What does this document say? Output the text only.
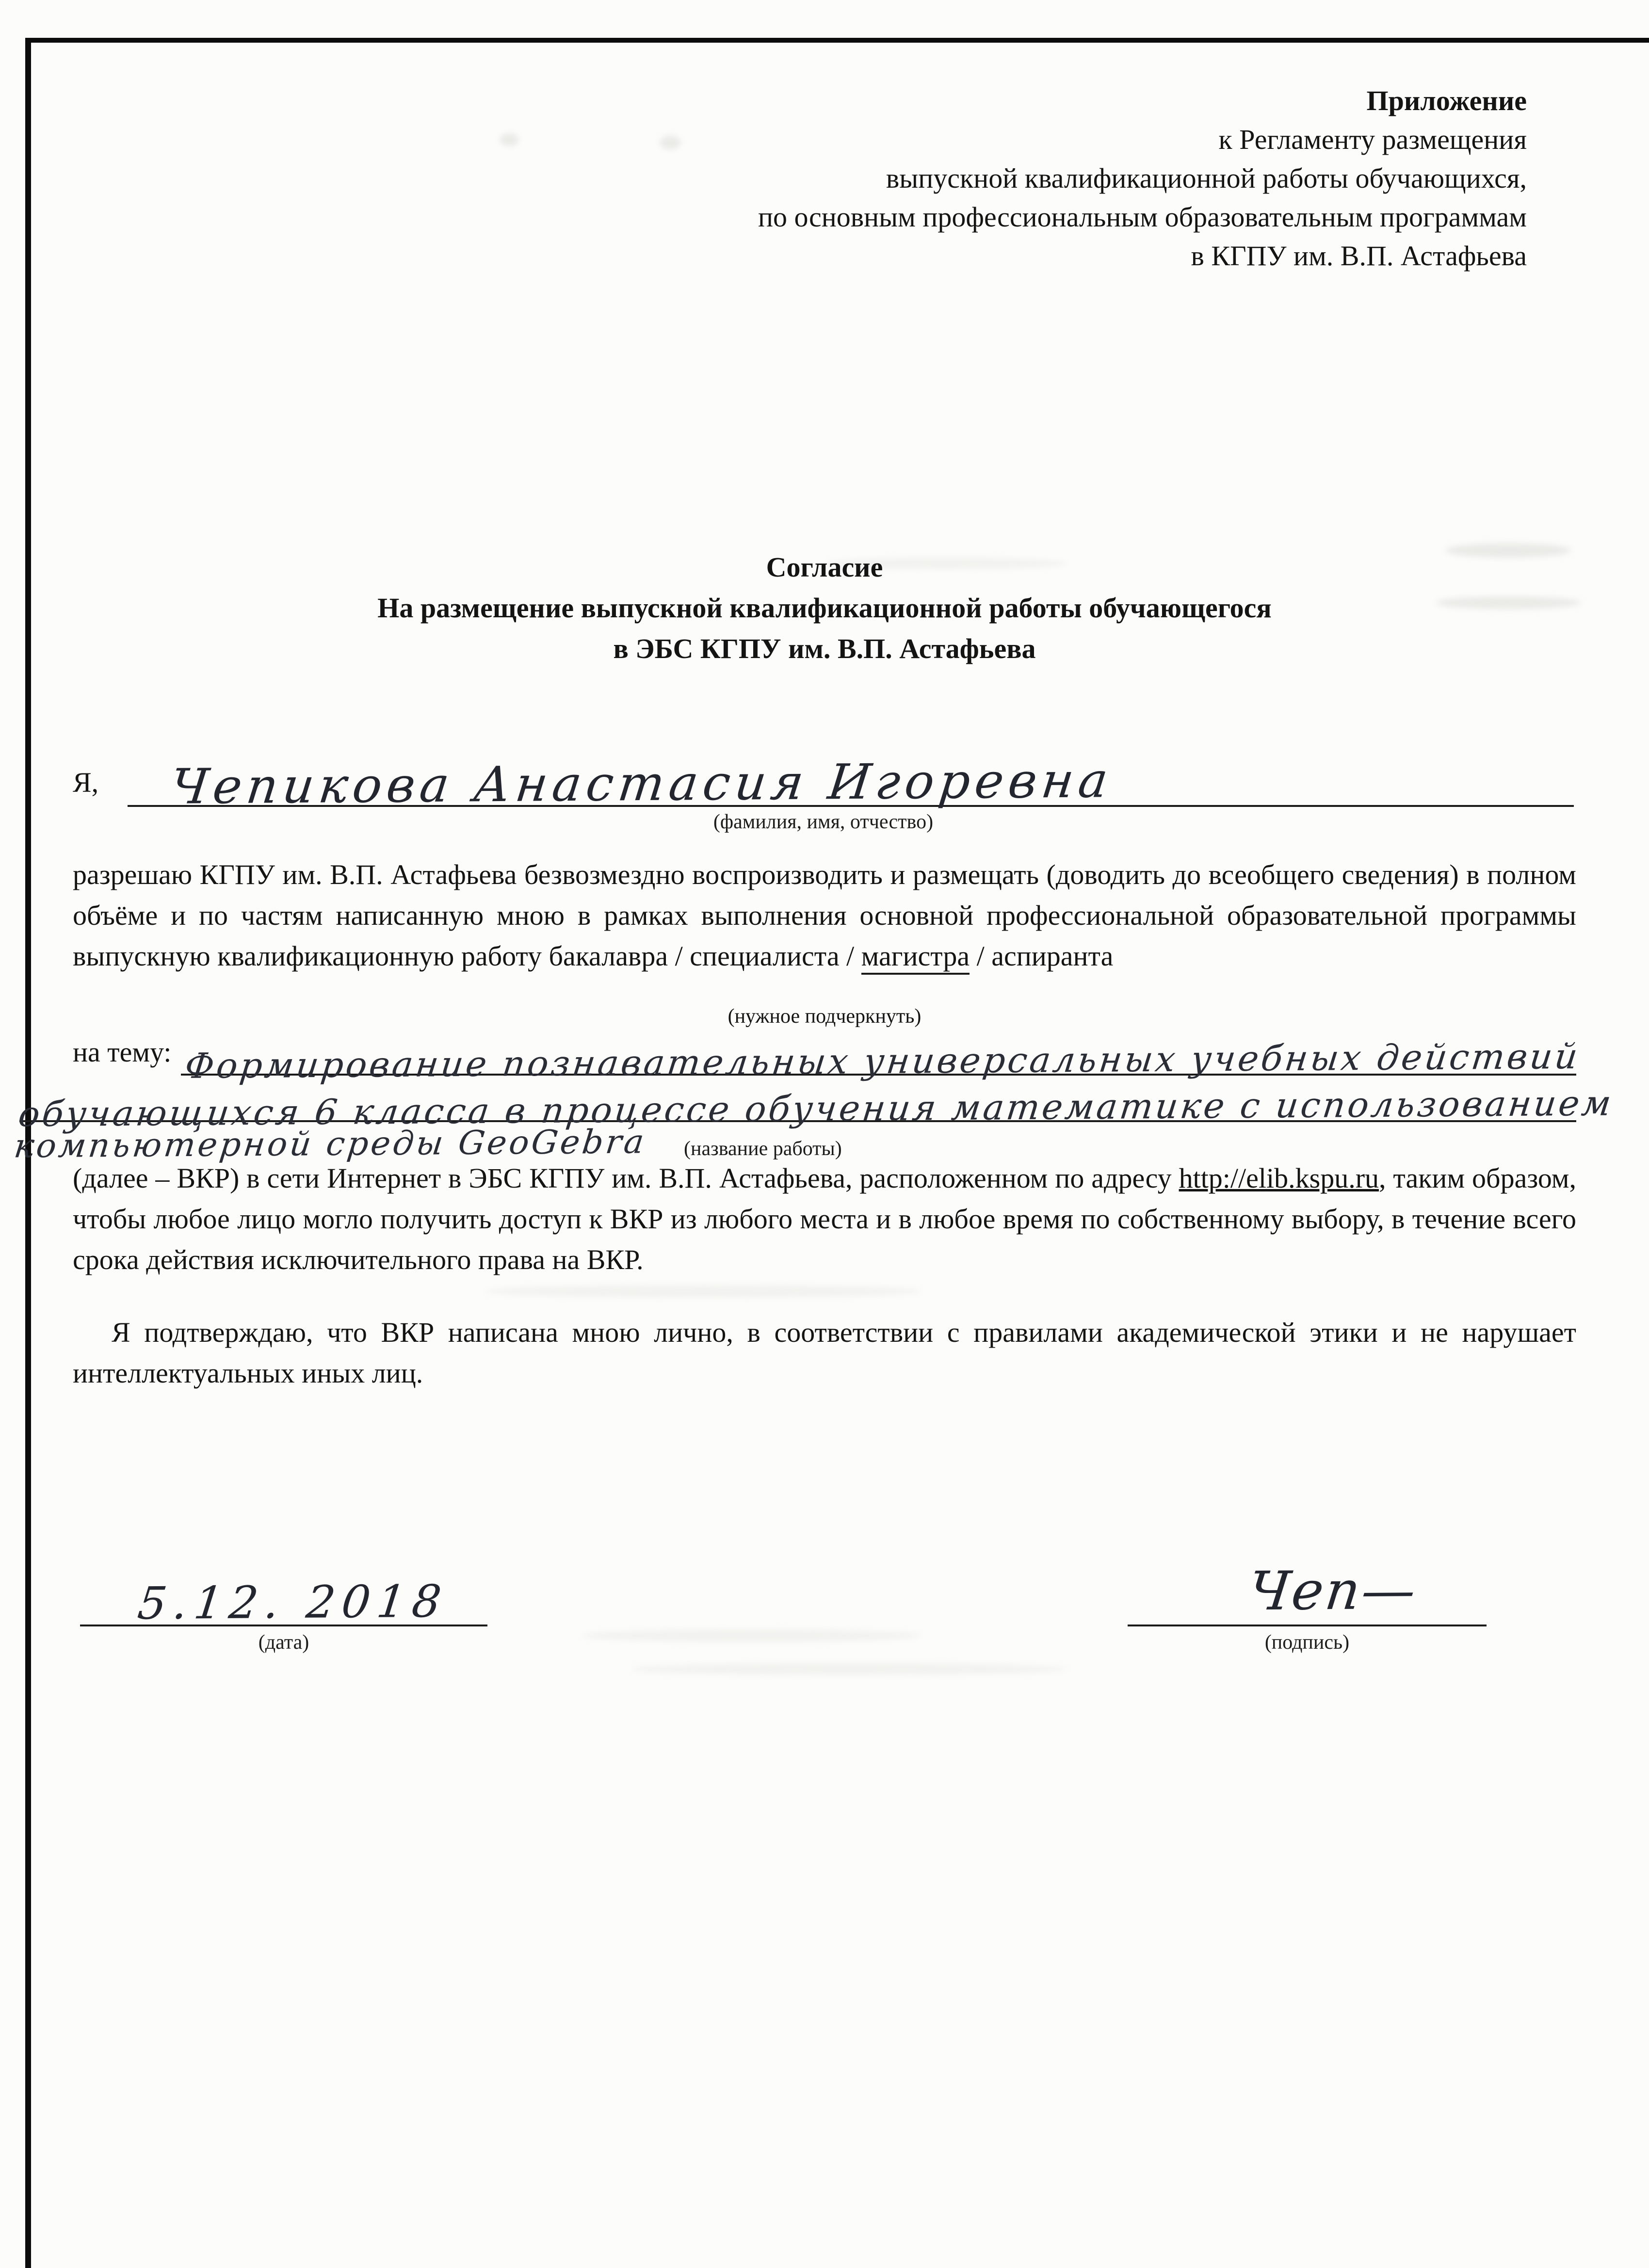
Приложение
к Регламенту размещения
выпускной квалификационной работы обучающихся,
по основным профессиональным образовательным программам
в КГПУ им. В.П. Астафьева
Согласие
На размещение выпускной квалификационной работы обучающегося
в ЭБС КГПУ им. В.П. Астафьева
Я, Чепикова Анастасия Игоревна
(фамилия, имя, отчество)
разрешаю КГПУ им. В.П. Астафьева безвозмездно воспроизводить и размещать (доводить до всеобщего сведения) в полном объёме и по частям написанную мною в рамках выполнения основной профессиональной образовательной программы выпускную квалификационную работу бакалавра / специалиста / магистра / аспиранта
(нужное подчеркнуть)
на тему: Формирование познавательных универсальных учебных действий
обучающихся 6 класса в процессе обучения математике с использованием
компьютерной среды GeoGebra (название работы)
(далее – ВКР) в сети Интернет в ЭБС КГПУ им. В.П. Астафьева, расположенном по адресу http://elib.kspu.ru, таким образом, чтобы любое лицо могло получить доступ к ВКР из любого места и в любое время по собственному выбору, в течение всего срока действия исключительного права на ВКР.
Я подтверждаю, что ВКР написана мною лично, в соответствии с правилами академической этики и не нарушает интеллектуальных иных лиц.
5.12. 2018
(дата)
Чеп—
(подпись)
